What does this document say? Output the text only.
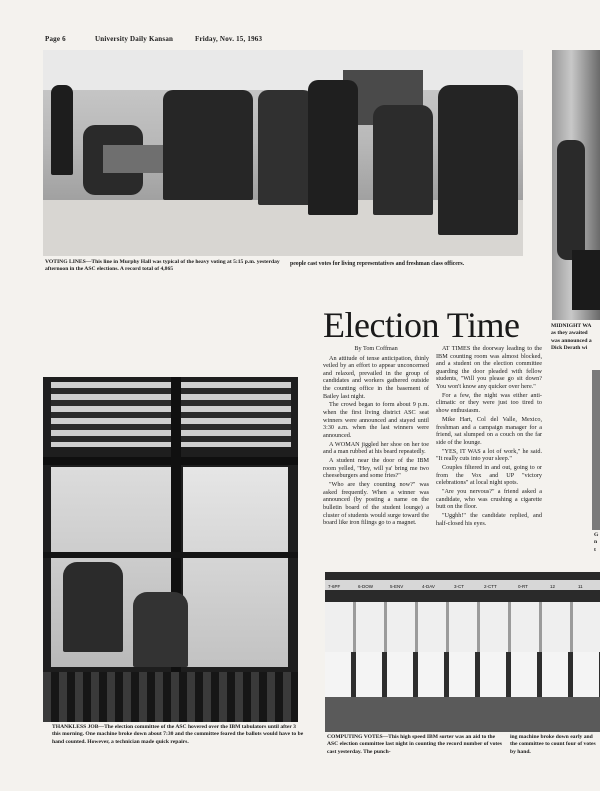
Page 6	University Daily Kansan	Friday, Nov. 15, 1963
VOTING LINES—This line in Murphy Hall was typical of the heavy voting at 5:15 p.m. yesterday afternoon in the ASC elections. A record total of 4,865
people cast votes for living representatives and freshman class officers.
MIDNIGHT WA
as they awaited
was announced a
Dick Derath wi
G
n
t
Election Time

By Tom Coffman

An attitude of tense anticipation, thinly veiled by an effort to appear unconcerned and relaxed, prevailed in the group of candidates and workers gathered outside the counting office in the basement of Bailey last night.

The crowd began to form about 9 p.m. when the first living district ASC seat winners were announced and stayed until 3:30 a.m. when the last winners were announced.

A WOMAN jiggled her shoe on her toe and a man rubbed at his beard repeatedly.

A student near the door of the IBM room yelled, "Hey, will ya' bring me two cheeseburgers and some fries?"

"Who are they counting now?" was asked frequently. When a winner was announced (by posting a name on the bulletin board of the student lounge) a cluster of students would surge toward the board like iron filings go to a magnet.

AT TIMES the doorway leading to the IBM counting room was almost blocked, and a student on the election committee guarding the door pleaded with fellow students, "Will you please go sit down? You won't know any quicker over here."

For a few, the night was either anti-climatic or they were just too tired to show enthusiasm.

Mike Hart, Col del Valle, Mexico, freshman and a campaign manager for a friend, sat slumped on a couch on the far side of the lounge.

"YES, IT WAS a lot of work," he said. "It really cuts into your sleep."

Couples filtered in and out, going to or from the Vox and UP "victory celebrations" at local night spots.

"Are you nervous?" a friend asked a candidate, who was crushing a cigarette butt on the floor.

"Ugghh!" the candidate replied, and half-closed his eyes.

THANKLESS JOB—The election committee of the ASC hovered over the IBM tabulators until after 3 this morning. One machine broke down about 7:30 and the committee feared the ballots would have to be hand counted. However, a technician made quick repairs.
7-6PF	6-DOW	5-ENV	4-DAV	3-CT	2-CTT	0-RT	12	11
COMPUTING VOTES—This high speed IBM sorter was an aid to the ASC election committee last night in counting the record number of votes cast yesterday. The punch-
ing machine broke down early and the committee to count four of votes by hand.
